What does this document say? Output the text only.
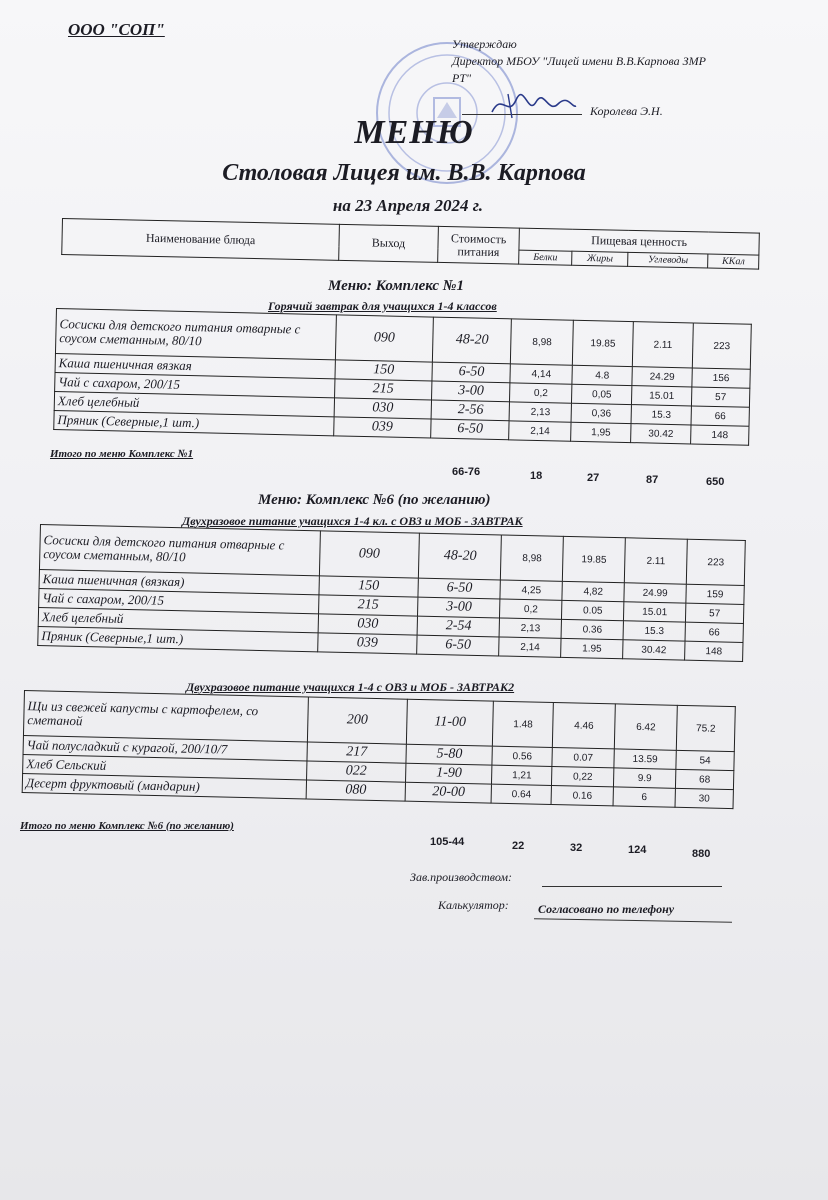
ООО "СОП"
Утверждаю
Директор МБОУ "Лицей имени В.В.Карпова ЗМР
РТ"
Королева Э.Н.
МЕНЮ
Столовая Лицея им. В.В. Карпова
на 23 Апреля 2024 г.
Наименование блюда	Выход	Стоимость питания	Пищевая ценность			
			Белки	Жиры	Углеводы	ККал
Меню: Комплекс №1
Горячий завтрак для учащихся 1-4 классов
Сосиски для детского питания отварные с соусом сметанным, 80/10	090	48-20	8,98	19.85	2.11	223
Каша пшеничная вязкая	150	6-50	4,14	4.8	24.29	156
Чай с сахаром, 200/15	215	3-00	0,2	0,05	15.01	57
Хлеб целебный	030	2-56	2,13	0,36	15.3	66
Пряник (Северные,1 шт.)	039	6-50	2,14	1,95	30.42	148
Итого по меню Комплекс №1
66-76	18	27	87	650
Меню: Комплекс №6 (по желанию)
Двухразовое питание учащихся 1-4 кл. с ОВЗ и МОБ - ЗАВТРАК
Сосиски для детского питания отварные с соусом сметанным, 80/10	090	48-20	8,98	19.85	2.11	223
Каша пшеничная (вязкая)	150	6-50	4,25	4,82	24.99	159
Чай с сахаром, 200/15	215	3-00	0,2	0.05	15.01	57
Хлеб целебный	030	2-54	2,13	0.36	15.3	66
Пряник (Северные,1 шт.)	039	6-50	2,14	1.95	30.42	148
Двухразовое питание учащихся 1-4 с ОВЗ и МОБ - ЗАВТРАК2
Щи из свежей капусты с картофелем, со сметаной	200	11-00	1.48	4.46	6.42	75.2
Чай полусладкий с курагой, 200/10/7	217	5-80	0.56	0.07	13.59	54
Хлеб Сельский	022	1-90	1,21	0,22	9.9	68
Десерт фруктовый (мандарин)	080	20-00	0.64	0.16	6	30
Итого по меню Комплекс №6 (по желанию)
105-44	22	32	124	880
Зав.производством:
Калькулятор: Согласовано по телефону
